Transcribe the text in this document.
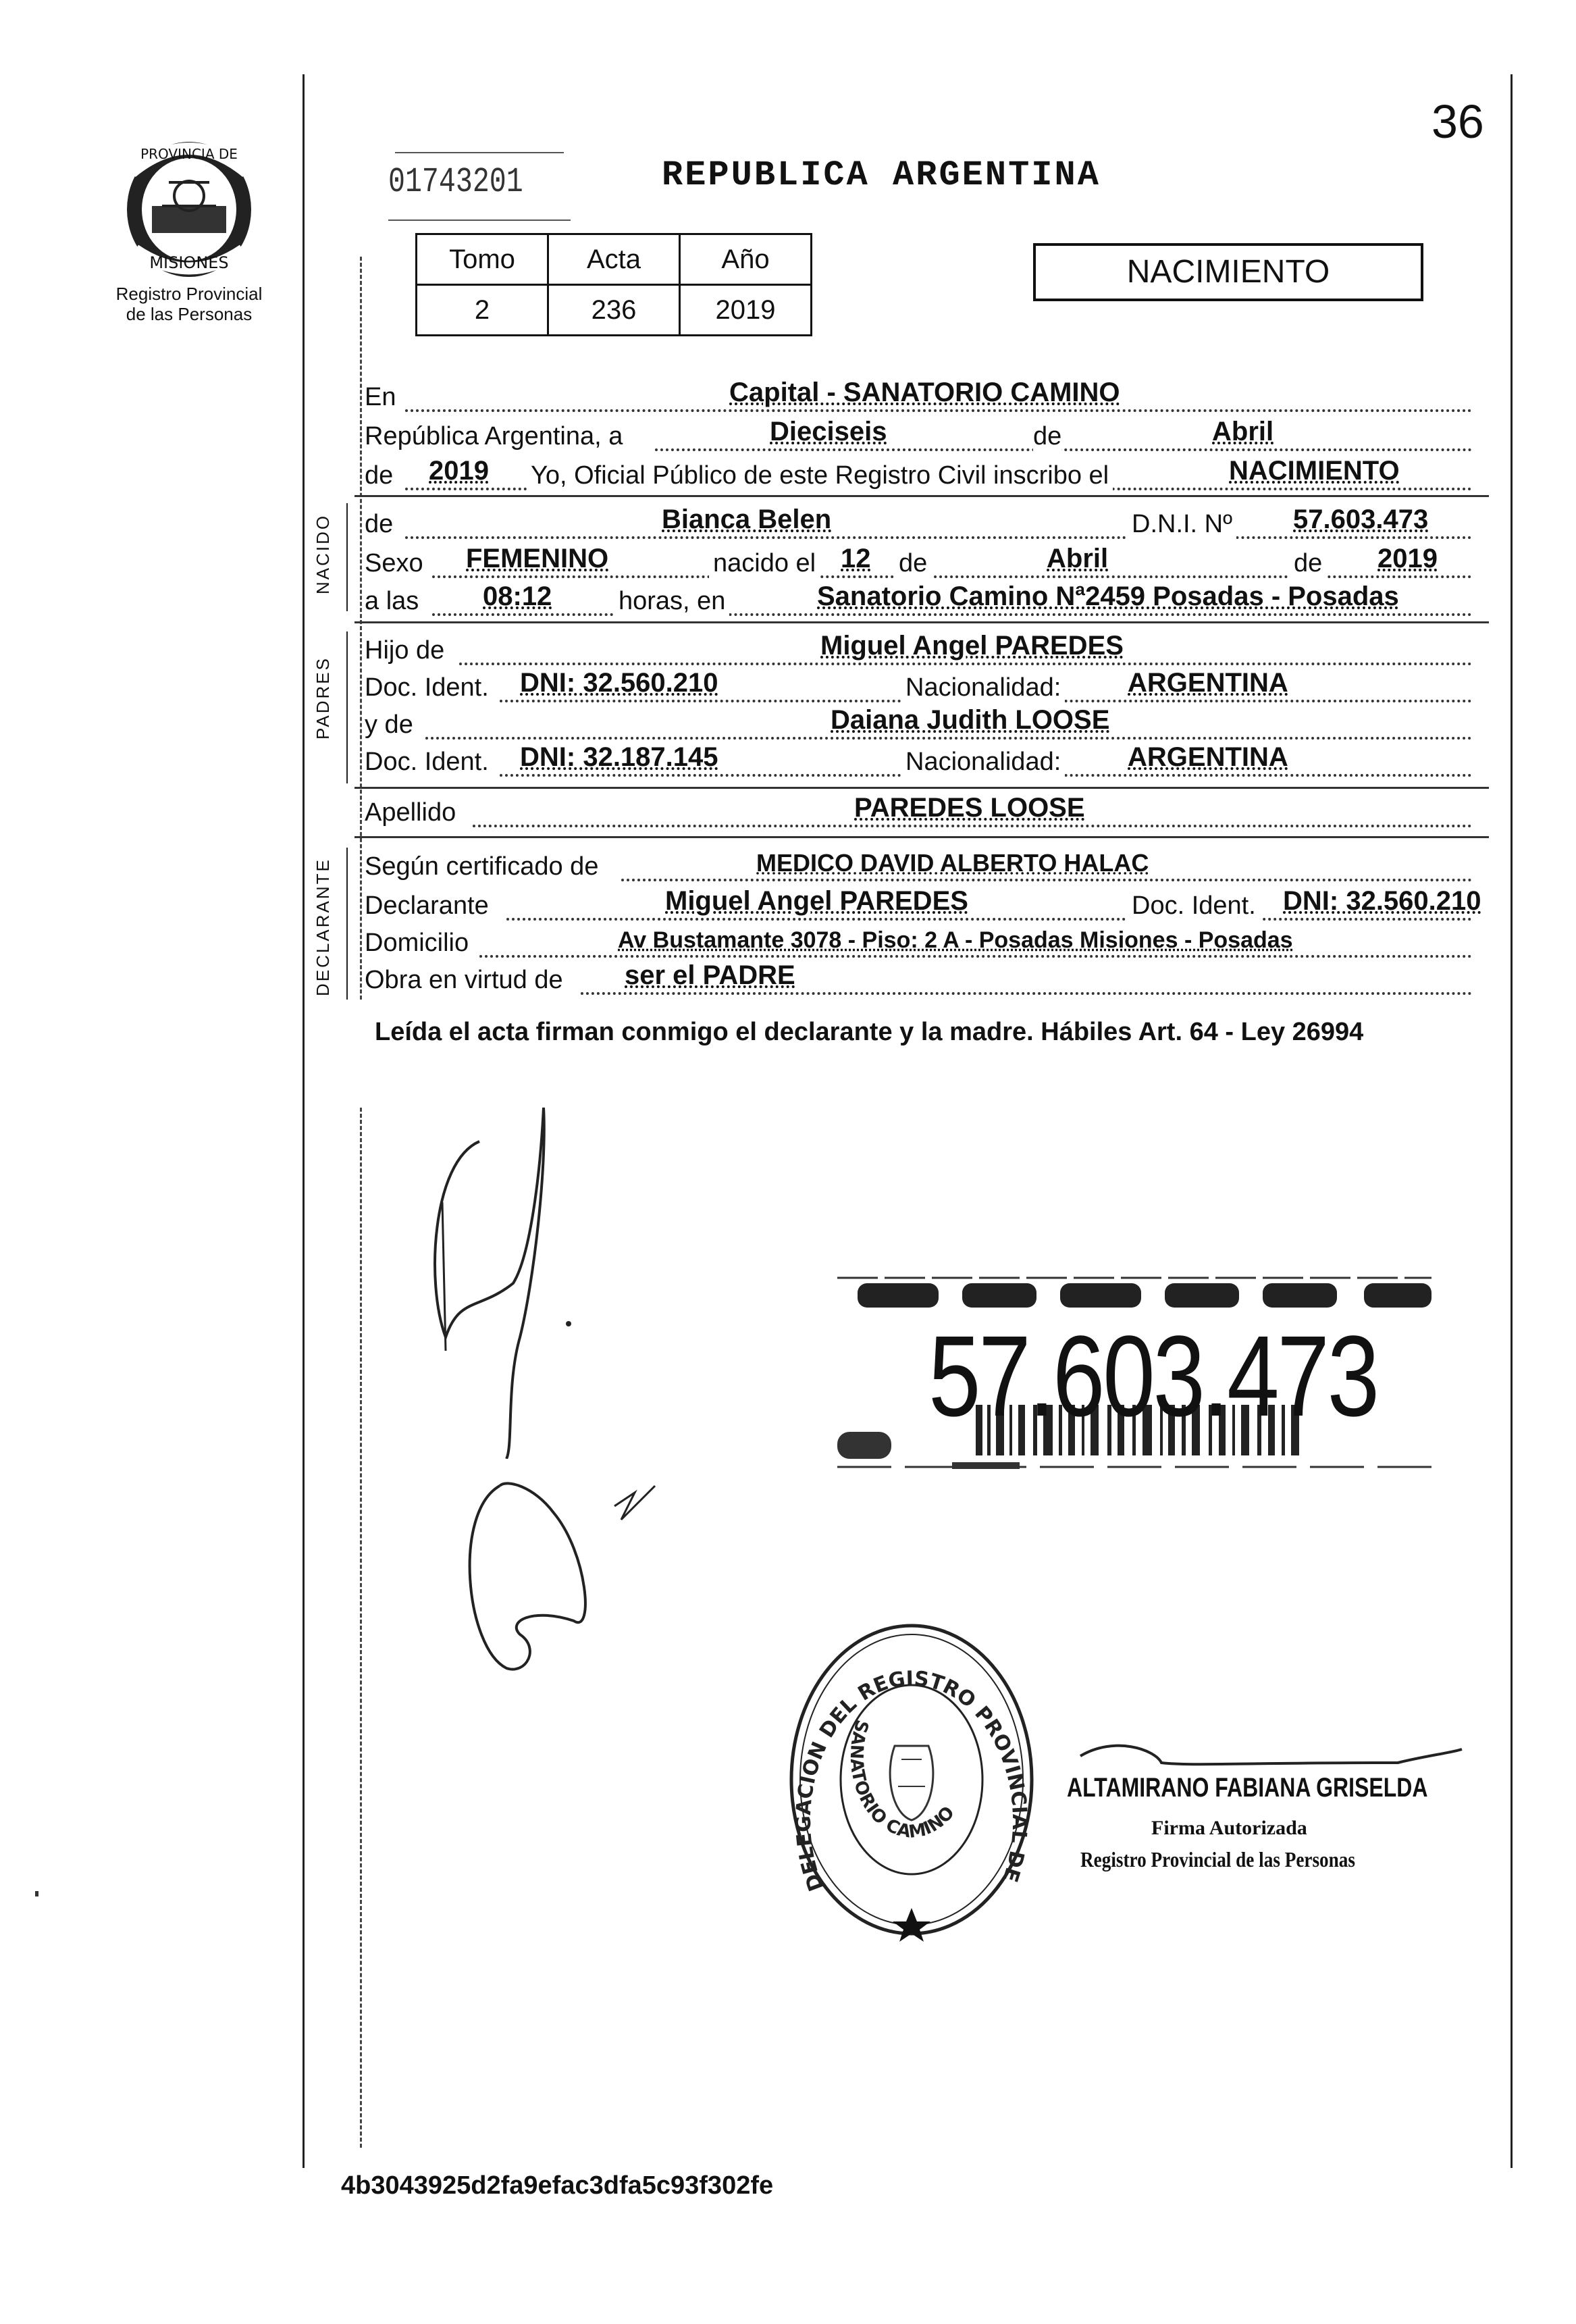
36
PROVINCIA DE
MISIONES
Registro Provincial
de las Personas
01743201	REPUBLICA ARGENTINA
Tomo	Acta	Año
2	236	2019
NACIMIENTO
En	Capital - SANATORIO CAMINO
República Argentina, a	Dieciseis	de	Abril
de 2019 Yo, Oficial Público de este Registro Civil inscribo el	NACIMIENTO
NACIDO de	Bianca Belen	D.N.I. Nº 57.603.473
Sexo FEMENINO	nacido el 12 de	Abril	de 2019
a las 08:12	horas, en	Sanatorio Camino Nª2459 Posadas - Posadas
PADRES
Hijo de	Miguel Angel PAREDES
Doc. Ident. DNI: 32.560.210	Nacionalidad: ARGENTINA
y de	Daiana Judith LOOSE
Doc. Ident. DNI: 32.187.145	Nacionalidad: ARGENTINA
Apellido	PAREDES LOOSE
DECLARANTE Según certificado de	MEDICO DAVID ALBERTO HALAC
Declarante	Miguel Angel PAREDES	Doc. Ident. DNI: 32.560.210
Domicilio	Av Bustamante 3078 - Piso: 2 A - Posadas Misiones - Posadas
Obra en virtud de ser el PADRE
Leída el acta firman conmigo el declarante y la madre. Hábiles Art. 64 - Ley 26994
57.603.473
DELEGACION DEL REGISTRO PROVINCIAL DE
SANATORIO CAMINO
ALTAMIRANO FABIANA GRISELDA
Firma Autorizada
Registro Provincial de las Personas
4b3043925d2fa9efac3dfa5c93f302fe
